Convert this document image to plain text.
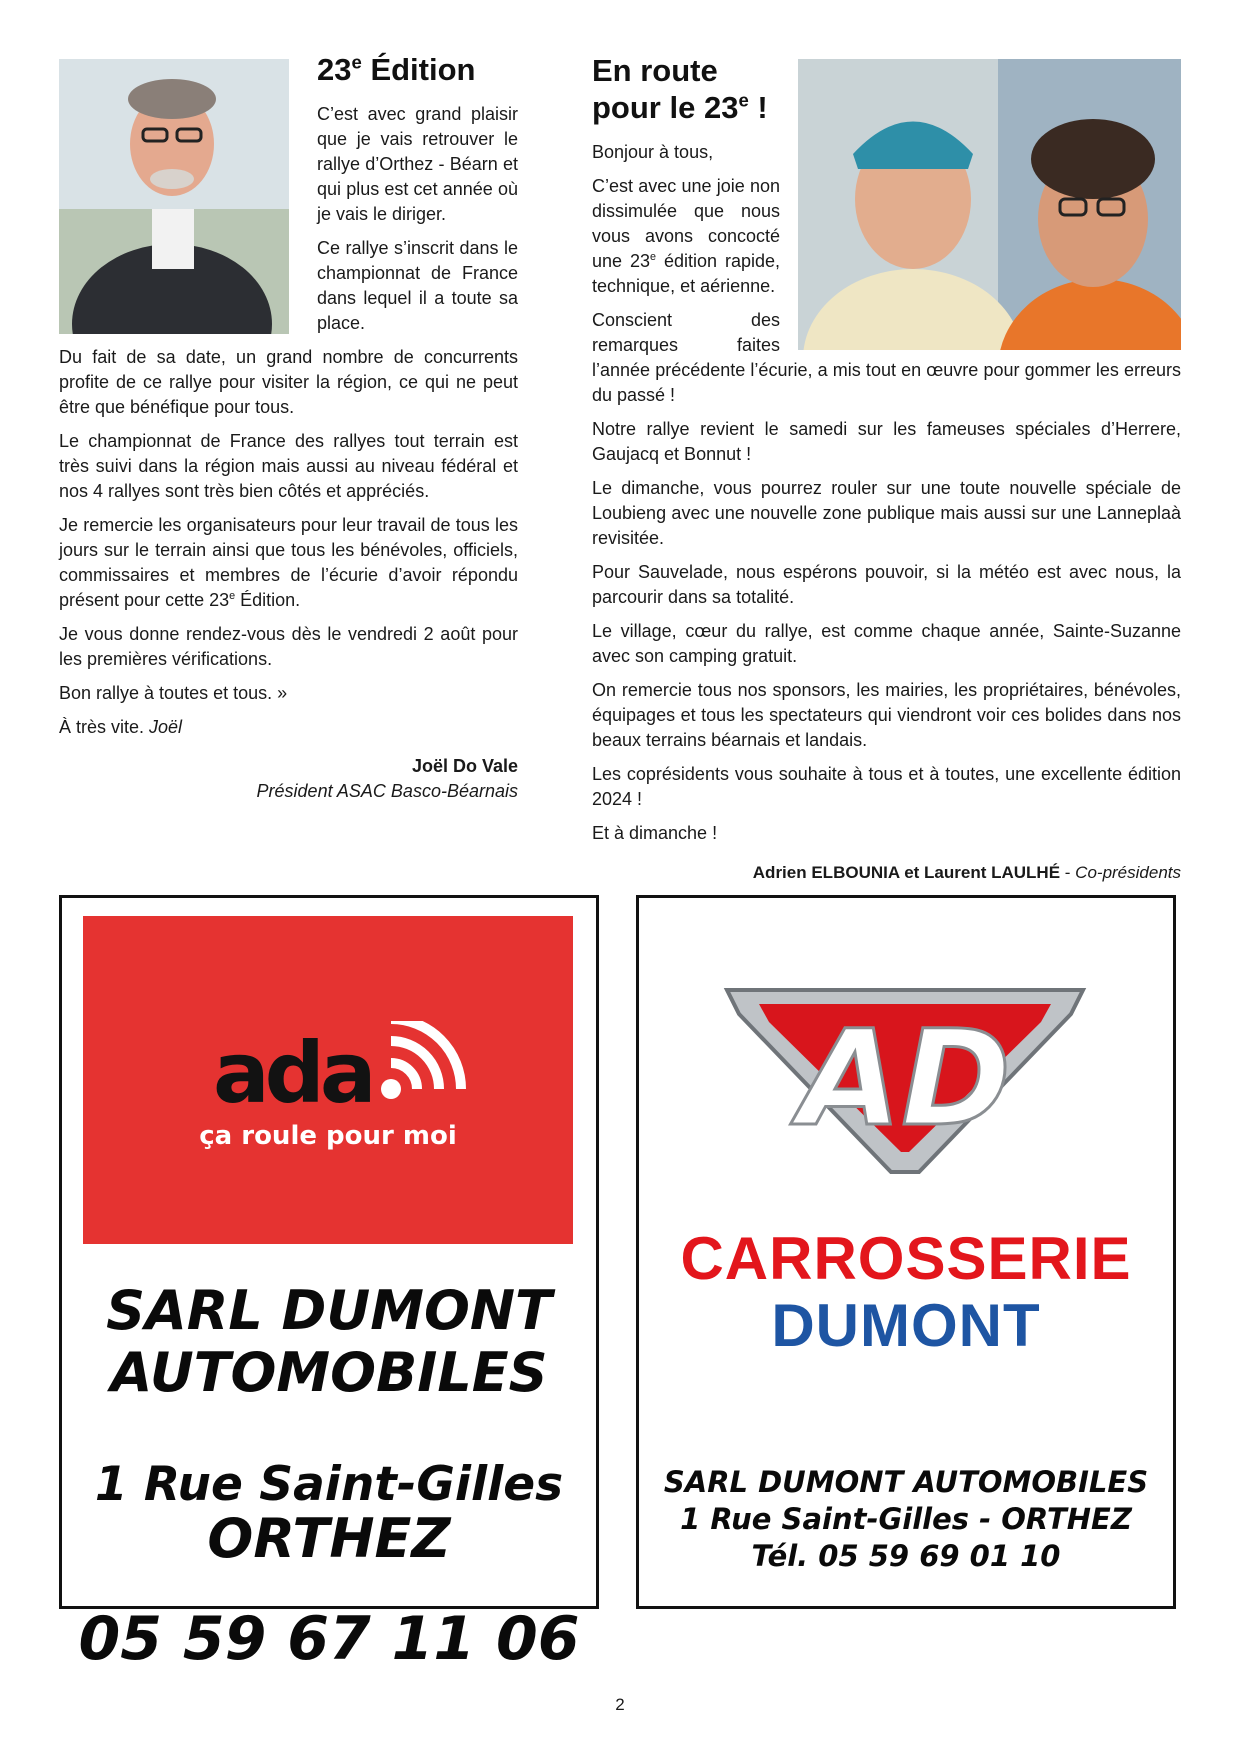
23e Édition

C’est avec grand plaisir que je vais retrouver le rallye d’Orthez - Béarn et qui plus est cet année où je vais le diriger.

Ce rallye s’inscrit dans le championnat de France dans lequel il a toute sa place.

Du fait de sa date, un grand nombre de concurrents profite de ce rallye pour visiter la région, ce qui ne peut être que bénéfique pour tous.

Le championnat de France des rallyes tout terrain est très suivi dans la région mais aussi au niveau fédéral et nos 4 rallyes sont très bien côtés et appréciés.

Je remercie les organisateurs pour leur travail de tous les jours sur le terrain ainsi que tous les bénévoles, officiels, commissaires et membres de l’écurie d’avoir répondu présent pour cette 23e Édition.

Je vous donne rendez-vous dès le vendredi 2 août pour les premières vérifications.

Bon rallye à toutes et tous. »

À très vite. Joël

Joël Do Vale
Président ASAC Basco-Béarnais
En route
pour le 23e !

Bonjour à tous,

C’est avec une joie non dissimulée que nous vous avons concocté une 23e édition rapide, technique, et aérienne.

Conscient des remarques faites l’année précédente l’écurie, a mis tout en œuvre pour gommer les erreurs du passé !

Notre rallye revient le samedi sur les fameuses spéciales d’Herrere, Gaujacq et Bonnut !

Le dimanche, vous pourrez rouler sur une toute nouvelle spéciale de Loubieng avec une nouvelle zone publique mais aussi sur une Lanneplaà revisitée.

Pour Sauvelade, nous espérons pouvoir, si la météo est avec nous, la parcourir dans sa totalité.

Le village, cœur du rallye, est comme chaque année, Sainte-Suzanne avec son camping gratuit.

On remercie tous nos sponsors, les mairies, les propriétaires, bénévoles, équipages et tous les spectateurs qui viendront voir ces bolides dans nos beaux terrains béarnais et landais.

Les coprésidents vous souhaite à tous et à toutes, une excellente édition 2024 !

Et à dimanche !

Adrien ELBOUNIA et Laurent LAULHÉ - Co-présidents
ada
ça roule pour moi
SARL DUMONT
AUTOMOBILES
1 Rue Saint-Gilles
ORTHEZ
05 59 67 11 06
AD
CARROSSERIE
DUMONT
SARL DUMONT AUTOMOBILES
1 Rue Saint-Gilles - ORTHEZ
Tél. 05 59 69 01 10
2
